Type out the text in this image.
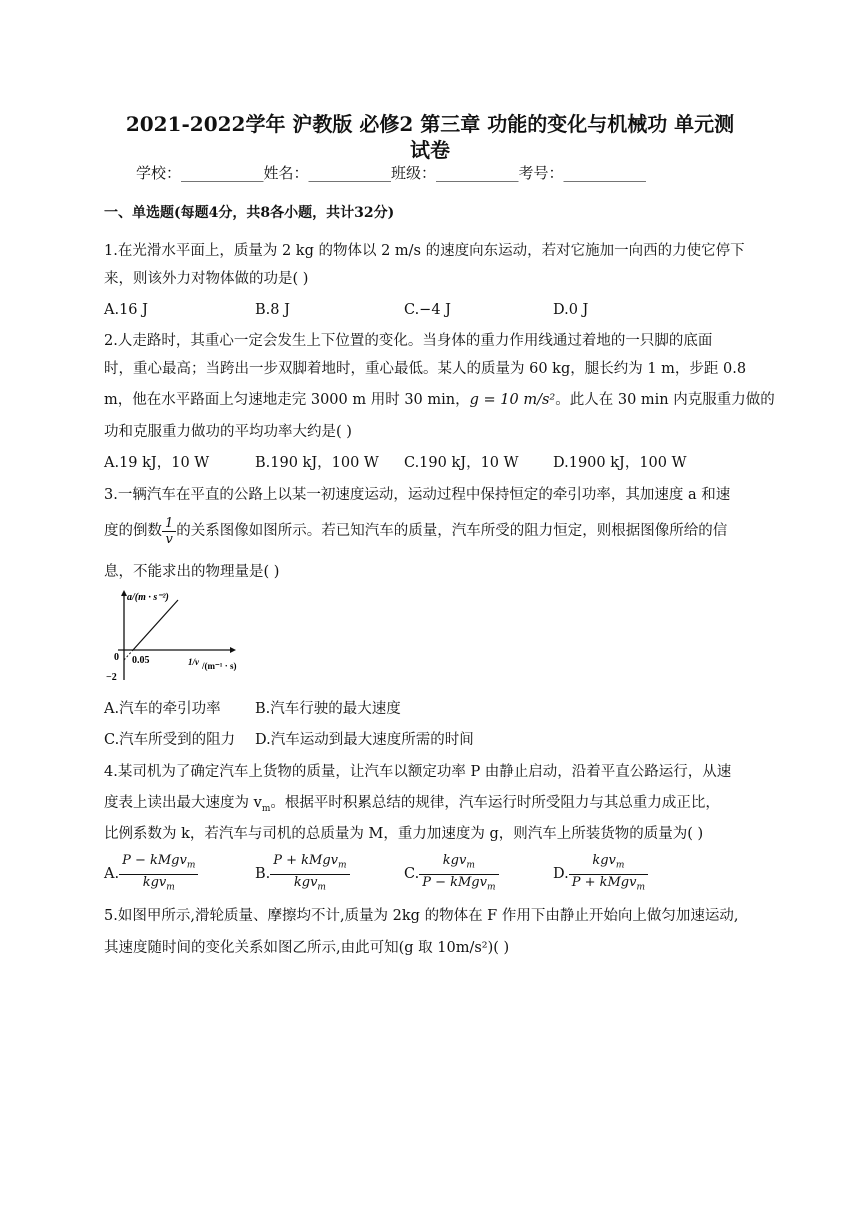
2021-2022学年 沪教版 必修2 第三章 功能的变化与机械功 单元测
试卷
学校：___________姓名：___________班级：___________考号：___________
一、单选题(每题4分，共8各小题，共计32分)
1.在光滑水平面上，质量为 2 kg 的物体以 2 m/s 的速度向东运动，若对它施加一向西的力使它停下
来，则该外力对物体做的功是( )
A.16 J	B.8 J	C.−4 J	D.0 J
2.人走路时，其重心一定会发生上下位置的变化。当身体的重力作用线通过着地的一只脚的底面
时，重心最高；当跨出一步双脚着地时，重心最低。某人的质量为 60 kg，腿长约为 1 m，步距 0.8
m，他在水平路面上匀速地走完 3000 m 用时 30 min，g = 10 m/s²。此人在 30 min 内克服重力做的
功和克服重力做功的平均功率大约是( )
A.19 kJ，10 W	B.190 kJ，100 W C.190 kJ，10 W D.1900 kJ，100 W
3.一辆汽车在平直的公路上以某一初速度运动，运动过程中保持恒定的牵引功率，其加速度 a 和速
度的倒数 $\frac{1}{v}$ 的关系图像如图所示。若已知汽车的质量，汽车所受的阻力恒定，则根据图像所给的信
息，不能求出的物理量是( )
a/(m · s⁻²)
0 0.05
−2
1/v /(m⁻¹ · s)
A.汽车的牵引功率 B.汽车行驶的最大速度
C.汽车所受到的阻力 D.汽车运动到最大速度所需的时间
4.某司机为了确定汽车上货物的质量，让汽车以额定功率 P 由静止启动，沿着平直公路运行，从速
度表上读出最大速度为 $v_m$。根据平时积累总结的规律，汽车运行时所受阻力与其总重力成正比，
比例系数为 k，若汽车与司机的总质量为 M，重力加速度为 g，则汽车上所装货物的质量为( )
A. $\frac{P - kMgv_m}{kgv_m}$	B. $\frac{P + kMgv_m}{kgv_m}$	C. $\frac{kgv_m}{P - kMgv_m}$	D. $\frac{kgv_m}{P + kMgv_m}$
5.如图甲所示,滑轮质量、摩擦均不计,质量为 2kg 的物体在 F 作用下由静止开始向上做匀加速运动,
其速度随时间的变化关系如图乙所示,由此可知(g 取 10m/s²)( )
